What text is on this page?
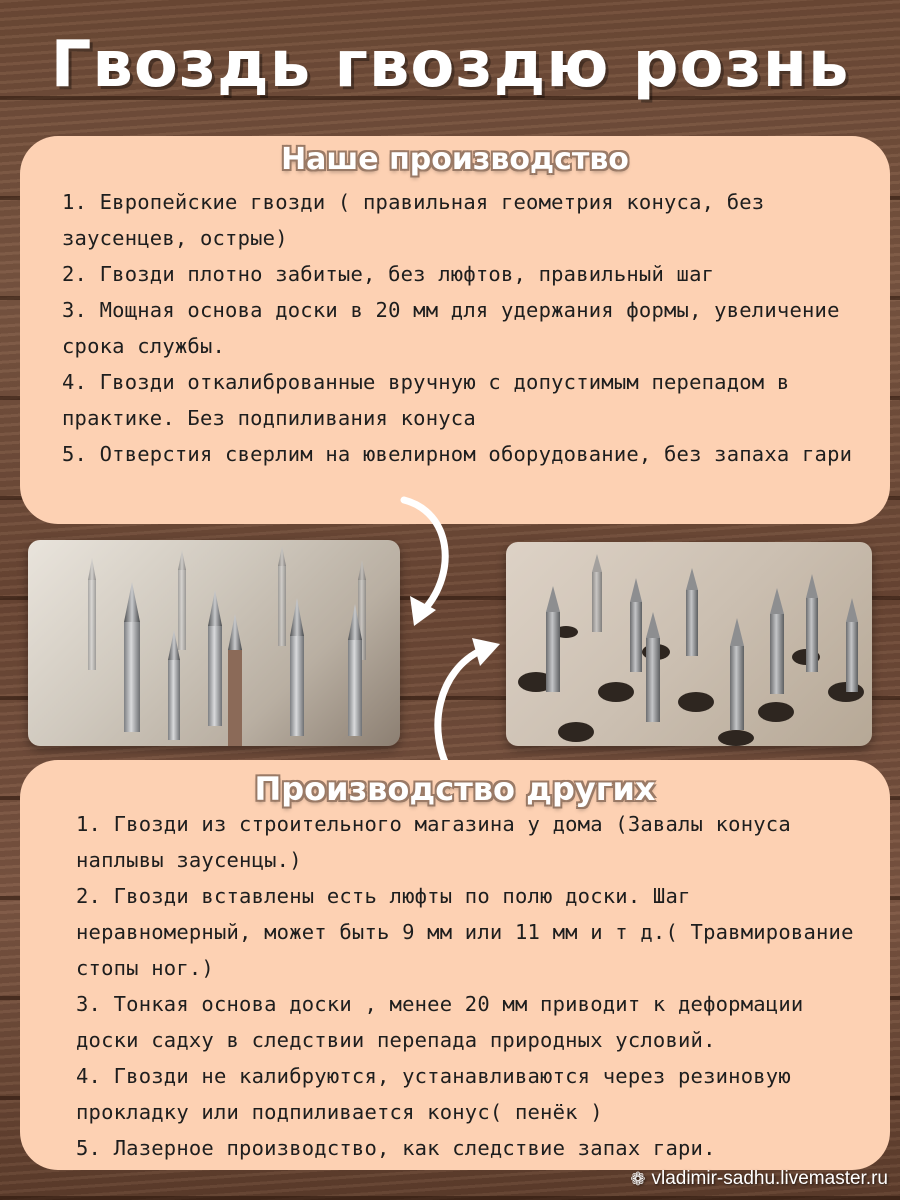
Гвоздь гвоздю рознь
Наше производство
1. Европейские гвозди ( правильная геометрия конуса, без заусенцев, острые)
2. Гвозди плотно забитые, без люфтов, правильный шаг
3. Мощная основа доски в 20 мм для удержания формы, увеличение срока службы.
4. Гвозди откалиброванные вручную с допустимым перепадом в практике. Без подпиливания конуса
5. Отверстия сверлим на ювелирном оборудование, без запаха гари
Производство других
1. Гвозди из строительного магазина у дома (Завалы конуса наплывы заусенцы.)
2. Гвозди вставлены есть люфты по полю доски. Шаг неравномерный, может быть 9 мм или 11 мм и т д.( Травмирование стопы ног.)
3. Тонкая основа доски , менее 20 мм приводит к деформации доски садху в следствии перепада природных условий.
4. Гвозди не калибруются, устанавливаются через резиновую прокладку или подпиливается конус( пенёк )
5. Лазерное производство, как следствие запах гари.
❁ vladimir-sadhu.livemaster.ru
